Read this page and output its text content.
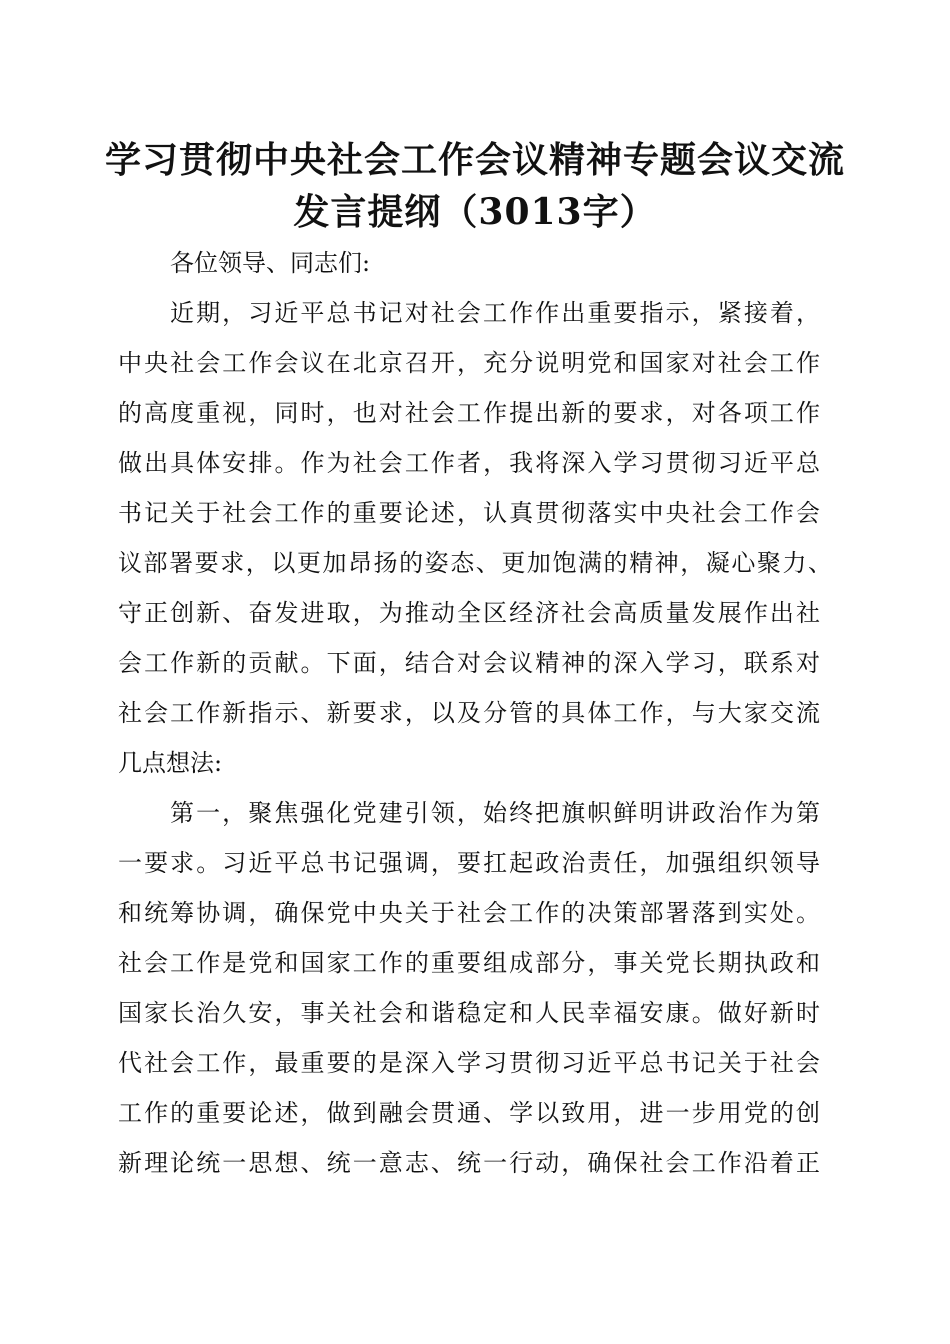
学习贯彻中央社会工作会议精神专题会议交流
发言提纲（3013字）
各位领导、同志们:
近期，习近平总书记对社会工作作出重要指示，紧接着，
中央社会工作会议在北京召开，充分说明党和国家对社会工作
的高度重视，同时，也对社会工作提出新的要求，对各项工作
做出具体安排。作为社会工作者，我将深入学习贯彻习近平总
书记关于社会工作的重要论述，认真贯彻落实中央社会工作会
议部署要求，以更加昂扬的姿态、更加饱满的精神，凝心聚力、
守正创新、奋发进取，为推动全区经济社会高质量发展作出社
会工作新的贡献。下面，结合对会议精神的深入学习，联系对
社会工作新指示、新要求，以及分管的具体工作，与大家交流
几点想法:
第一，聚焦强化党建引领，始终把旗帜鲜明讲政治作为第
一要求。习近平总书记强调，要扛起政治责任，加强组织领导
和统筹协调，确保党中央关于社会工作的决策部署落到实处。
社会工作是党和国家工作的重要组成部分，事关党长期执政和
国家长治久安，事关社会和谐稳定和人民幸福安康。做好新时
代社会工作，最重要的是深入学习贯彻习近平总书记关于社会
工作的重要论述，做到融会贯通、学以致用，进一步用党的创
新理论统一思想、统一意志、统一行动，确保社会工作沿着正
